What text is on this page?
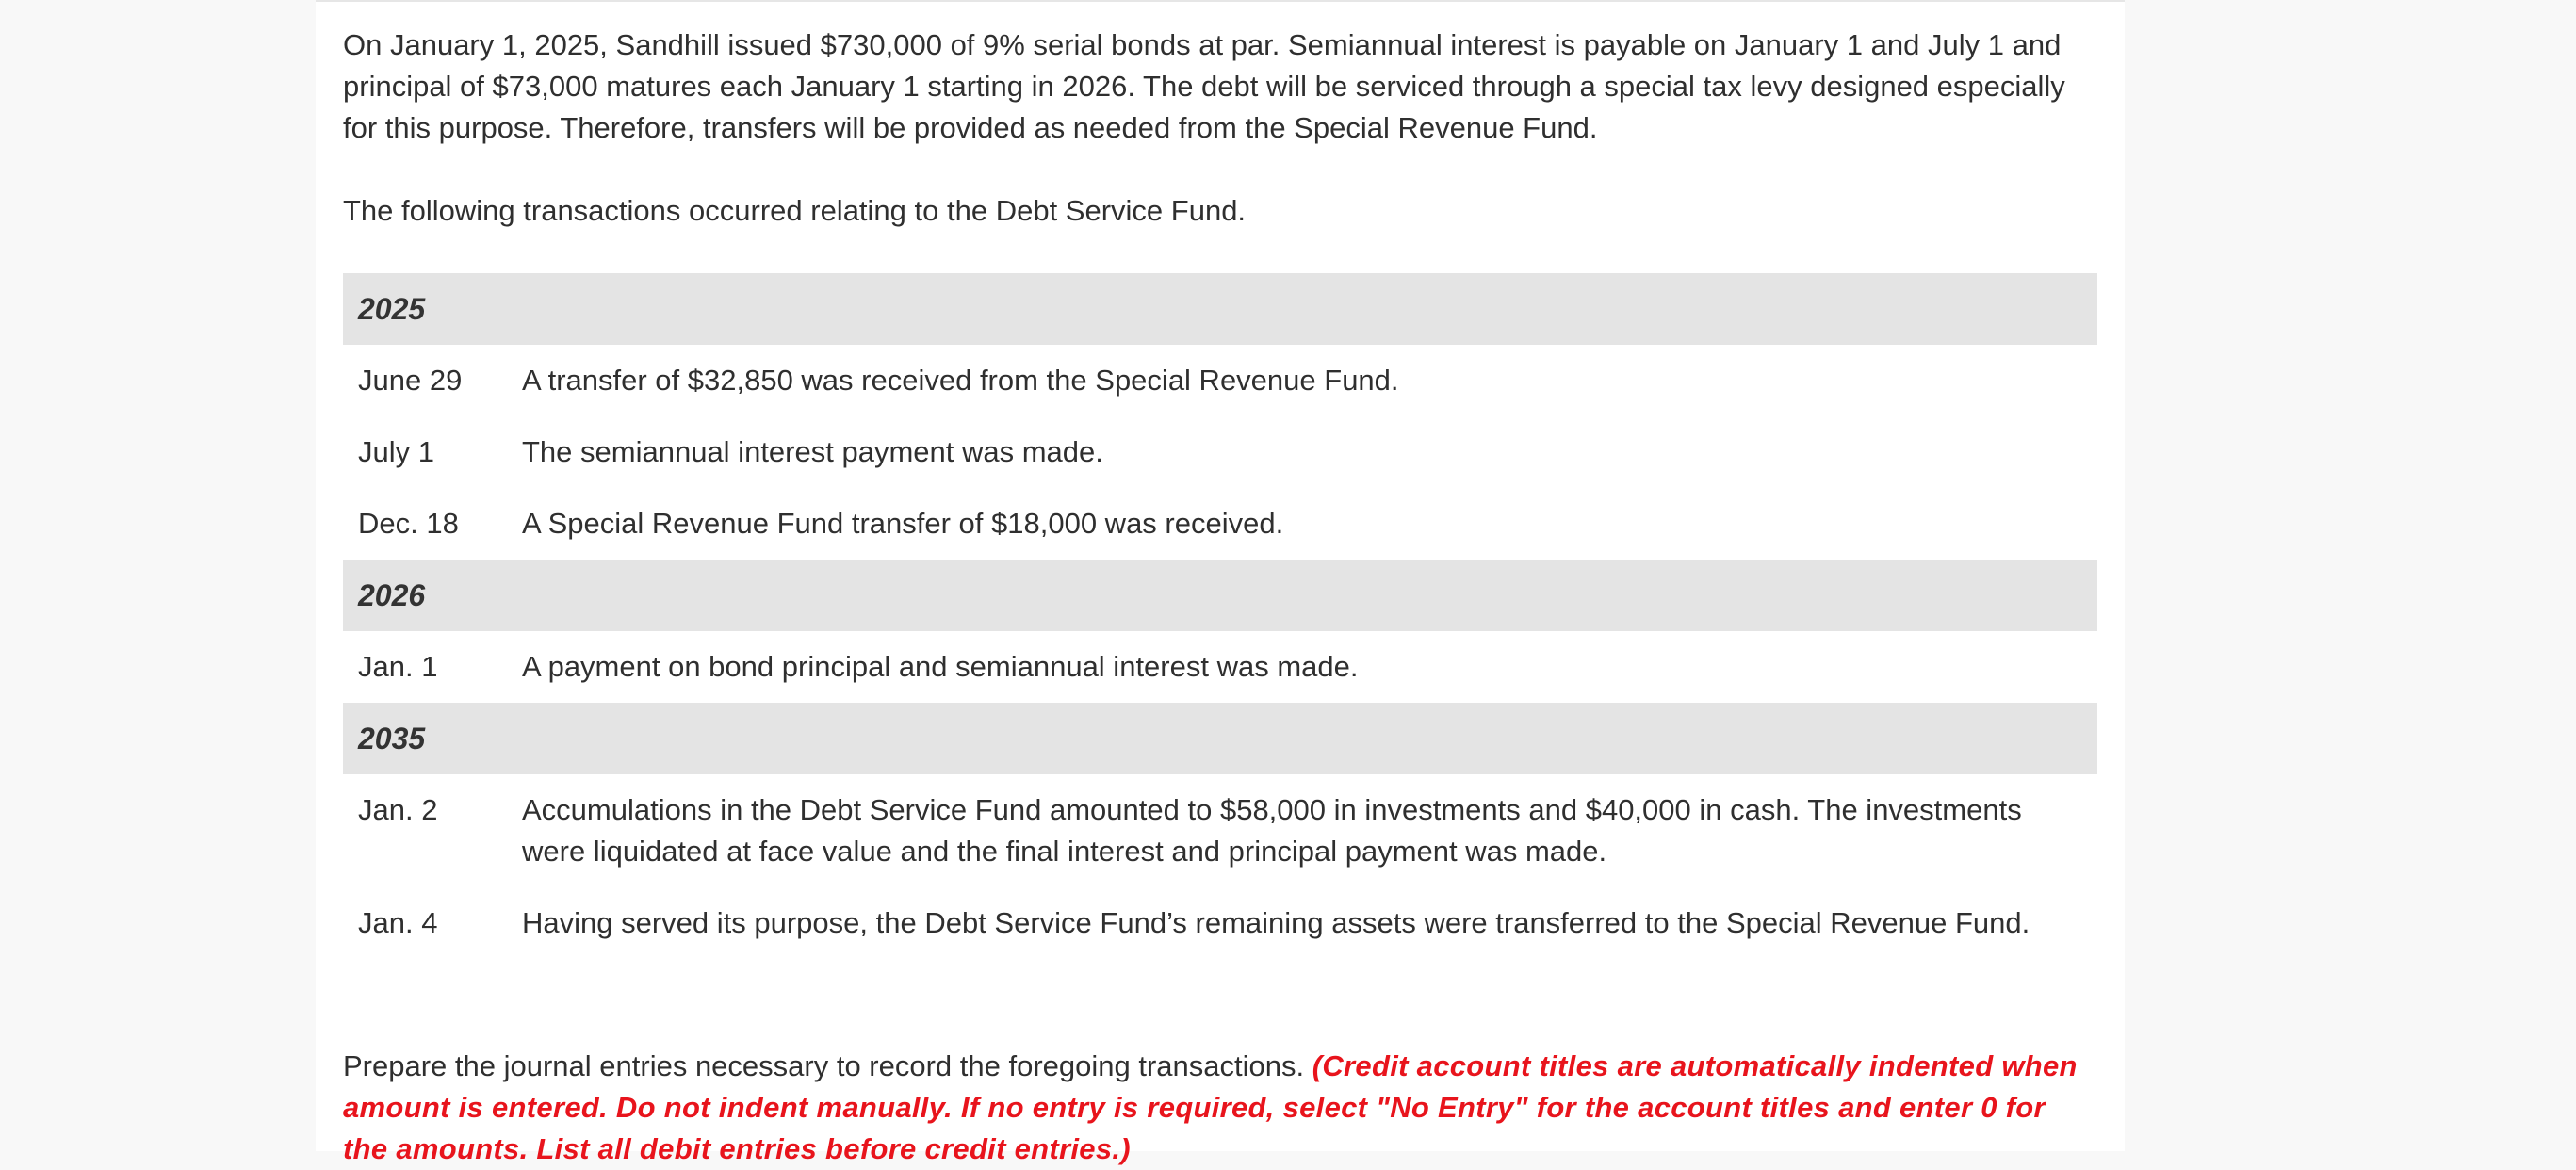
On January 1, 2025, Sandhill issued $730,000 of 9% serial bonds at par. Semiannual interest is payable on January 1 and July 1 and principal of $73,000 matures each January 1 starting in 2026. The debt will be serviced through a special tax levy designed especially for this purpose. Therefore, transfers will be provided as needed from the Special Revenue Fund.

The following transactions occurred relating to the Debt Service Fund.

2025	
June 29	A transfer of $32,850 was received from the Special Revenue Fund.
July 1	The semiannual interest payment was made.
Dec. 18	A Special Revenue Fund transfer of $18,000 was received.
2026	
Jan. 1	A payment on bond principal and semiannual interest was made.
2035	
Jan. 2	Accumulations in the Debt Service Fund amounted to $58,000 in investments and $40,000 in cash. The investments were liquidated at face value and the final interest and principal payment was made.
Jan. 4	Having served its purpose, the Debt Service Fund’s remaining assets were transferred to the Special Revenue Fund.

Prepare the journal entries necessary to record the foregoing transactions. (Credit account titles are automatically indented when amount is entered. Do not indent manually. If no entry is required, select "No Entry" for the account titles and enter 0 for the amounts. List all debit entries before credit entries.)
